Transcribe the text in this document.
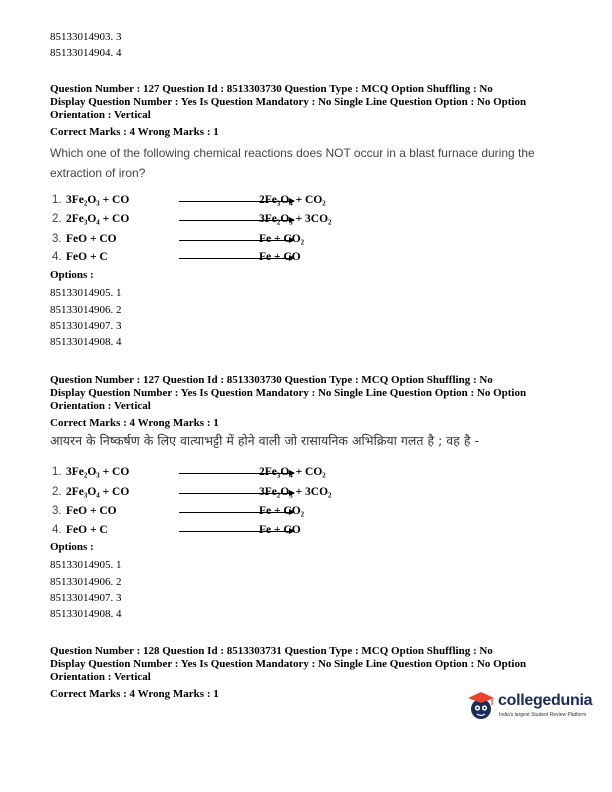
85133014903. 3
85133014904. 4
Question Number : 127 Question Id : 8513303730 Question Type : MCQ Option Shuffling : No
Display Question Number : Yes Is Question Mandatory : No Single Line Question Option : No Option
Orientation : Vertical
Correct Marks : 4 Wrong Marks : 1
Which one of the following chemical reactions does NOT occur in a blast furnace during the extraction of iron?
1. 3Fe₂O₃ + CO	2Fe₃O₄ + CO₂
2. 2Fe₃O₄ + CO	3Fe₂O₃ + 3CO₂
3. FeO + CO	Fe + CO₂
4. FeO + C	Fe + CO
Options :
85133014905. 1
85133014906. 2
85133014907. 3
85133014908. 4
Question Number : 127 Question Id : 8513303730 Question Type : MCQ Option Shuffling : No
Display Question Number : Yes Is Question Mandatory : No Single Line Question Option : No Option
Orientation : Vertical
Correct Marks : 4 Wrong Marks : 1
आयरन के निष्कर्षण के लिए वात्याभट्टी में होने वाली जो रासायनिक अभिक्रिया गलत है ; वह है -
1. 3Fe₂O₃ + CO	2Fe₃O₄ + CO₂
2. 2Fe₃O₄ + CO	3Fe₂O₃ + 3CO₂
3. FeO + CO	Fe + CO₂
4. FeO + C	Fe + CO
Options :
85133014905. 1
85133014906. 2
85133014907. 3
85133014908. 4
Question Number : 128 Question Id : 8513303731 Question Type : MCQ Option Shuffling : No
Display Question Number : Yes Is Question Mandatory : No Single Line Question Option : No Option
Orientation : Vertical
Correct Marks : 4 Wrong Marks : 1	collegedunia
India's largest Student Review Platform
